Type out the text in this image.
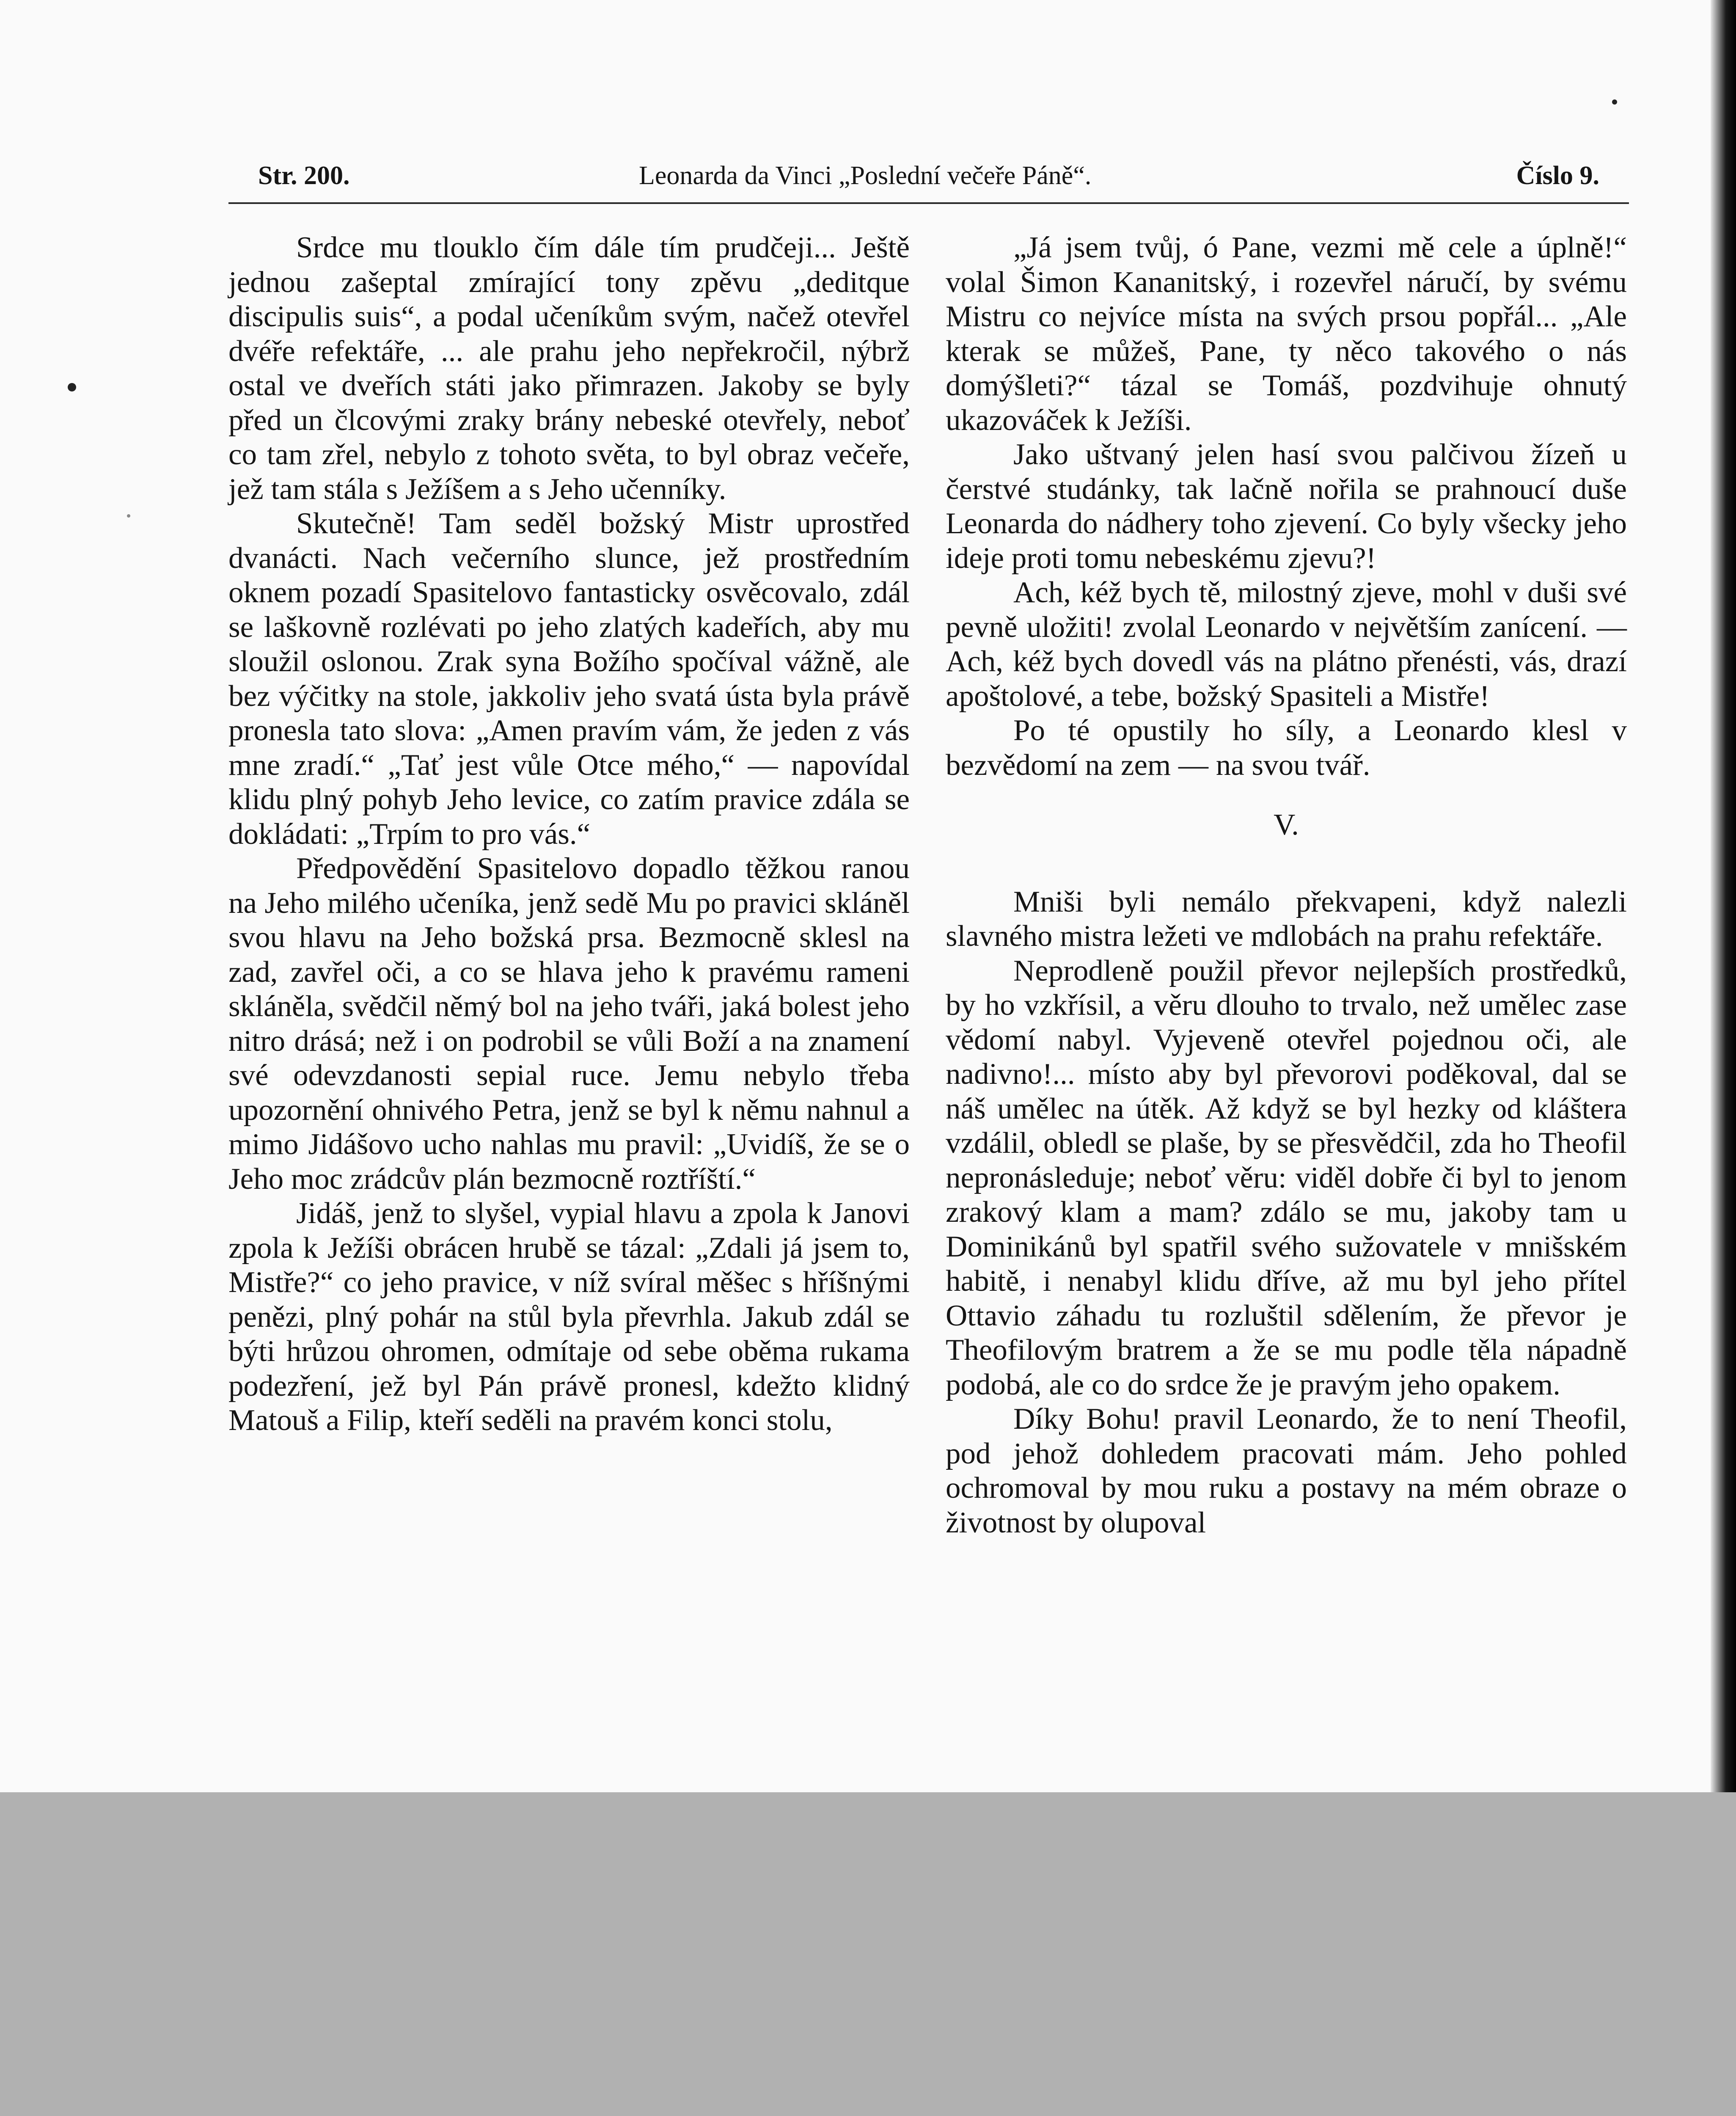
Str. 200.	Leonarda da Vinci „Poslední večeře Páně“.	Číslo 9.

Srdce mu tlouklo čím dále tím prudčeji... Ještě jednou zašeptal zmírající tony zpěvu „deditque discipulis suis“, a podal učeníkům svým, načež otevřel dvéře refektáře, ... ale prahu jeho nepřekročil, nýbrž ostal ve dveřích státi jako přimrazen. Jakoby se byly před un člcovými zraky brány nebeské otevřely, neboť co tam zřel, nebylo z tohoto světa, to byl obraz večeře, jež tam stála s Ježíšem a s Jeho učenníky.

Skutečně! Tam seděl božský Mistr uprostřed dvanácti. Nach večerního slunce, jež prostředním oknem pozadí Spasitelovo fantasticky osvěcovalo, zdál se laškovně rozlévati po jeho zlatých kadeřích, aby mu sloužil oslonou. Zrak syna Božího spočíval vážně, ale bez výčitky na stole, jakkoliv jeho svatá ústa byla právě pronesla tato slova: „Amen pravím vám, že jeden z vás mne zradí.“ „Tať jest vůle Otce mého,“ — napovídal klidu plný pohyb Jeho levice, co zatím pravice zdála se dokládati: „Trpím to pro vás.“

Předpovědění Spasitelovo dopadlo těžkou ranou na Jeho milého učeníka, jenž sedě Mu po pravici skláněl svou hlavu na Jeho božská prsa. Bezmocně sklesl na zad, zavřel oči, a co se hlava jeho k pravému rameni skláněla, svědčil němý bol na jeho tváři, jaká bolest jeho nitro drásá; než i on podrobil se vůli Boží a na znamení své odevzdanosti sepial ruce. Jemu nebylo třeba upozornění ohnivého Petra, jenž se byl k němu nahnul a mimo Jidášovo ucho nahlas mu pravil: „Uvidíš, že se o Jeho moc zrádcův plán bezmocně roztříští.“

Jidáš, jenž to slyšel, vypial hlavu a zpola k Janovi zpola k Ježíši obrácen hrubě se tázal: „Zdali já jsem to, Mistře?“ co jeho pravice, v níž svíral měšec s hříšnými penězi, plný pohár na stůl byla převrhla. Jakub zdál se býti hrůzou ohromen, odmítaje od sebe oběma rukama podezření, jež byl Pán právě pronesl, kdežto klidný Matouš a Filip, kteří seděli na pravém konci stolu,

„Já jsem tvůj, ó Pane, vezmi mě cele a úplně!“ volal Šimon Kananitský, i rozevřel náručí, by svému Mistru co nejvíce místa na svých prsou popřál... „Ale kterak se můžeš, Pane, ty něco takového o nás domýšleti?“ tázal se Tomáš, pozdvihuje ohnutý ukazováček k Ježíši.

Jako uštvaný jelen hasí svou palčivou žízeň u čerstvé studánky, tak lačně nořila se prahnoucí duše Leonarda do nádhery toho zjevení. Co byly všecky jeho ideje proti tomu nebeskému zjevu?!

Ach, kéž bych tě, milostný zjeve, mohl v duši své pevně uložiti! zvolal Leonardo v největším zanícení. — Ach, kéž bych dovedl vás na plátno přenésti, vás, drazí apoštolové, a tebe, božský Spasiteli a Mistře!

Po té opustily ho síly, a Leonardo klesl v bezvědomí na zem — na svou tvář.

V.

Mniši byli nemálo překvapeni, když nalezli slavného mistra ležeti ve mdlobách na prahu refektáře.

Neprodleně použil převor nejlepších prostředků, by ho vzkřísil, a věru dlouho to trvalo, než umělec zase vědomí nabyl. Vyjeveně otevřel pojednou oči, ale nadivno!... místo aby byl převorovi poděkoval, dal se náš umělec na útěk. Až když se byl hezky od kláštera vzdálil, obledl se plaše, by se přesvědčil, zda ho Theofil nepronásleduje; neboť věru: viděl dobře či byl to jenom zrakový klam a mam? zdálo se mu, jakoby tam u Dominikánů byl spatřil svého sužovatele v mnišském habitě, i nenabyl klidu dříve, až mu byl jeho přítel Ottavio záhadu tu rozluštil sdělením, že převor je Theofilovým bratrem a že se mu podle těla nápadně podobá, ale co do srdce že je pravým jeho opakem.

Díky Bohu! pravil Leonardo, že to není Theofil, pod jehož dohledem pracovati mám. Jeho pohled ochromoval by mou ruku a postavy na mém obraze o životnost by olupoval
